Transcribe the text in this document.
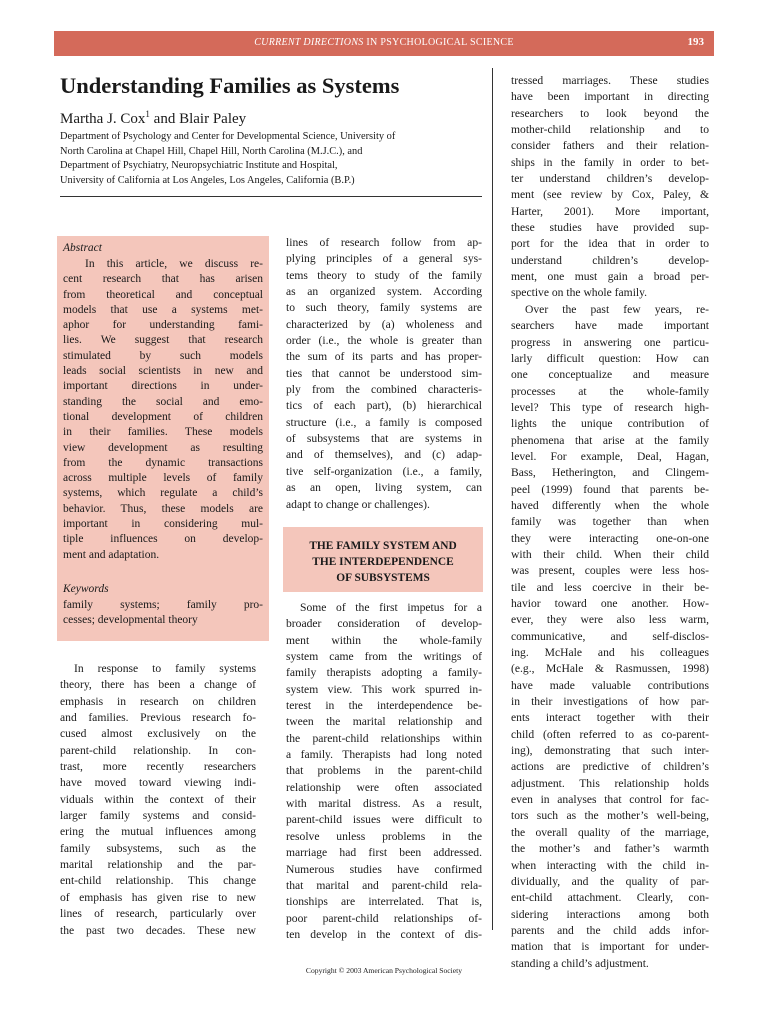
CURRENT DIRECTIONS IN PSYCHOLOGICAL SCIENCE	193
Understanding Families as Systems
Martha J. Cox$^1$ and Blair Paley
Department of Psychology and Center for Developmental Science, University of
North Carolina at Chapel Hill, Chapel Hill, North Carolina (M.J.C.), and
Department of Psychiatry, Neuropsychiatric Institute and Hospital,
University of California at Los Angeles, Los Angeles, California (B.P.)
Abstract
In this article, we discuss re-
cent research that has arisen
from theoretical and conceptual
models that use a systems met-
aphor for understanding fami-
lies. We suggest that research
stimulated by such models
leads social scientists in new and
important directions in under-
standing the social and emo-
tional development of children
in their families. These models
view development as resulting
from the dynamic transactions
across multiple levels of family
systems, which regulate a child’s
behavior. Thus, these models are
important in considering mul-
tiple influences on develop-
ment and adaptation.
Keywords
family systems; family pro-
cesses; developmental theory
In response to family systems
theory, there has been a change of
emphasis in research on children
and families. Previous research fo-
cused almost exclusively on the
parent-child relationship. In con-
trast, more recently researchers
have moved toward viewing indi-
viduals within the context of their
larger family systems and consid-
ering the mutual influences among
family subsystems, such as the
marital relationship and the par-
ent-child relationship. This change
of emphasis has given rise to new
lines of research, particularly over
the past two decades. These new
lines of research follow from ap-
plying principles of a general sys-
tems theory to study of the family
as an organized system. According
to such theory, family systems are
characterized by (a) wholeness and
order (i.e., the whole is greater than
the sum of its parts and has proper-
ties that cannot be understood sim-
ply from the combined characteris-
tics of each part), (b) hierarchical
structure (i.e., a family is composed
of subsystems that are systems in
and of themselves), and (c) adap-
tive self-organization (i.e., a family,
as an open, living system, can
adapt to change or challenges).
THE FAMILY SYSTEM AND
THE INTERDEPENDENCE
OF SUBSYSTEMS
Some of the first impetus for a
broader consideration of develop-
ment within the whole-family
system came from the writings of
family therapists adopting a family-
system view. This work spurred in-
terest in the interdependence be-
tween the marital relationship and
the parent-child relationships within
a family. Therapists had long noted
that problems in the parent-child
relationship were often associated
with marital distress. As a result,
parent-child issues were difficult to
resolve unless problems in the
marriage had first been addressed.
Numerous studies have confirmed
that marital and parent-child rela-
tionships are interrelated. That is,
poor parent-child relationships of-
ten develop in the context of dis-
tressed marriages. These studies
have been important in directing
researchers to look beyond the
mother-child relationship and to
consider fathers and their relation-
ships in the family in order to bet-
ter understand children’s develop-
ment (see review by Cox, Paley, &
Harter, 2001). More important,
these studies have provided sup-
port for the idea that in order to
understand children’s develop-
ment, one must gain a broad per-
spective on the whole family.
Over the past few years, re-
searchers have made important
progress in answering one particu-
larly difficult question: How can
one conceptualize and measure
processes at the whole-family
level? This type of research high-
lights the unique contribution of
phenomena that arise at the family
level. For example, Deal, Hagan,
Bass, Hetherington, and Clingem-
peel (1999) found that parents be-
haved differently when the whole
family was together than when
they were interacting one-on-one
with their child. When their child
was present, couples were less hos-
tile and less coercive in their be-
havior toward one another. How-
ever, they were also less warm,
communicative, and self-disclos-
ing. McHale and his colleagues
(e.g., McHale & Rasmussen, 1998)
have made valuable contributions
in their investigations of how par-
ents interact together with their
child (often referred to as co-parent-
ing), demonstrating that such inter-
actions are predictive of children’s
adjustment. This relationship holds
even in analyses that control for fac-
tors such as the mother’s well-being,
the overall quality of the marriage,
the mother’s and father’s warmth
when interacting with the child in-
dividually, and the quality of par-
ent-child attachment. Clearly, con-
sidering interactions among both
parents and the child adds infor-
mation that is important for under-
standing a child’s adjustment.
Copyright © 2003 American Psychological Society
